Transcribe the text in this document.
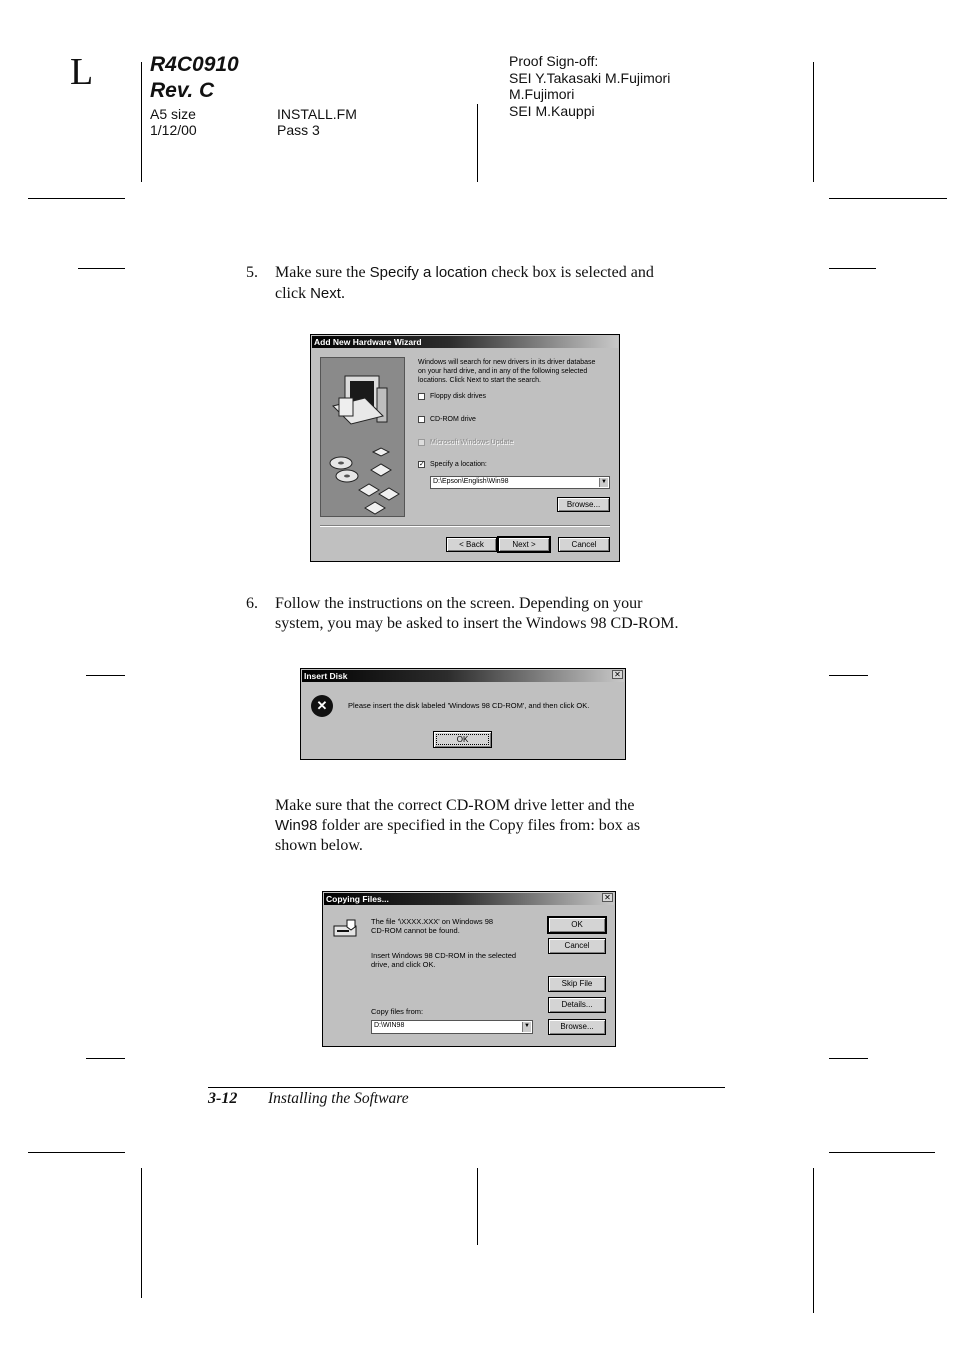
L	R4C0910
Rev. C
A5 size
1/12/00
INSTALL.FM
Pass 3
Proof Sign-off:
SEI Y.Takasaki M.Fujimori
M.Fujimori
SEI M.Kauppi
5. Make sure the Specify a location check box is selected and
click Next.
Add New Hardware Wizard
Windows will search for new drivers in its driver database
on your hard drive, and in any of the following selected
locations. Click Next to start the search.
Floppy disk drives
CD-ROM drive
Microsoft Windows Update
✓ Specify a location:
D:\Epson\English\Win98	▼
Browse...
< Back	Next >	Cancel
6. Follow the instructions on the screen. Depending on your
system, you may be asked to insert the Windows 98 CD-ROM.
Insert Disk	✕
✕	Please insert the disk labeled 'Windows 98 CD-ROM', and then click OK.
OK
Make sure that the correct CD-ROM drive letter and the
Win98 folder are specified in the Copy files from: box as
shown below.
Copying Files...	✕
The file '\XXXX.XXX' on Windows 98
CD-ROM cannot be found.
Insert Windows 98 CD-ROM in the selected
drive, and click OK.
Copy files from:
D:\WIN98	▼
OK
Cancel
Skip File
Details...
Browse...
3-12 Installing the Software
